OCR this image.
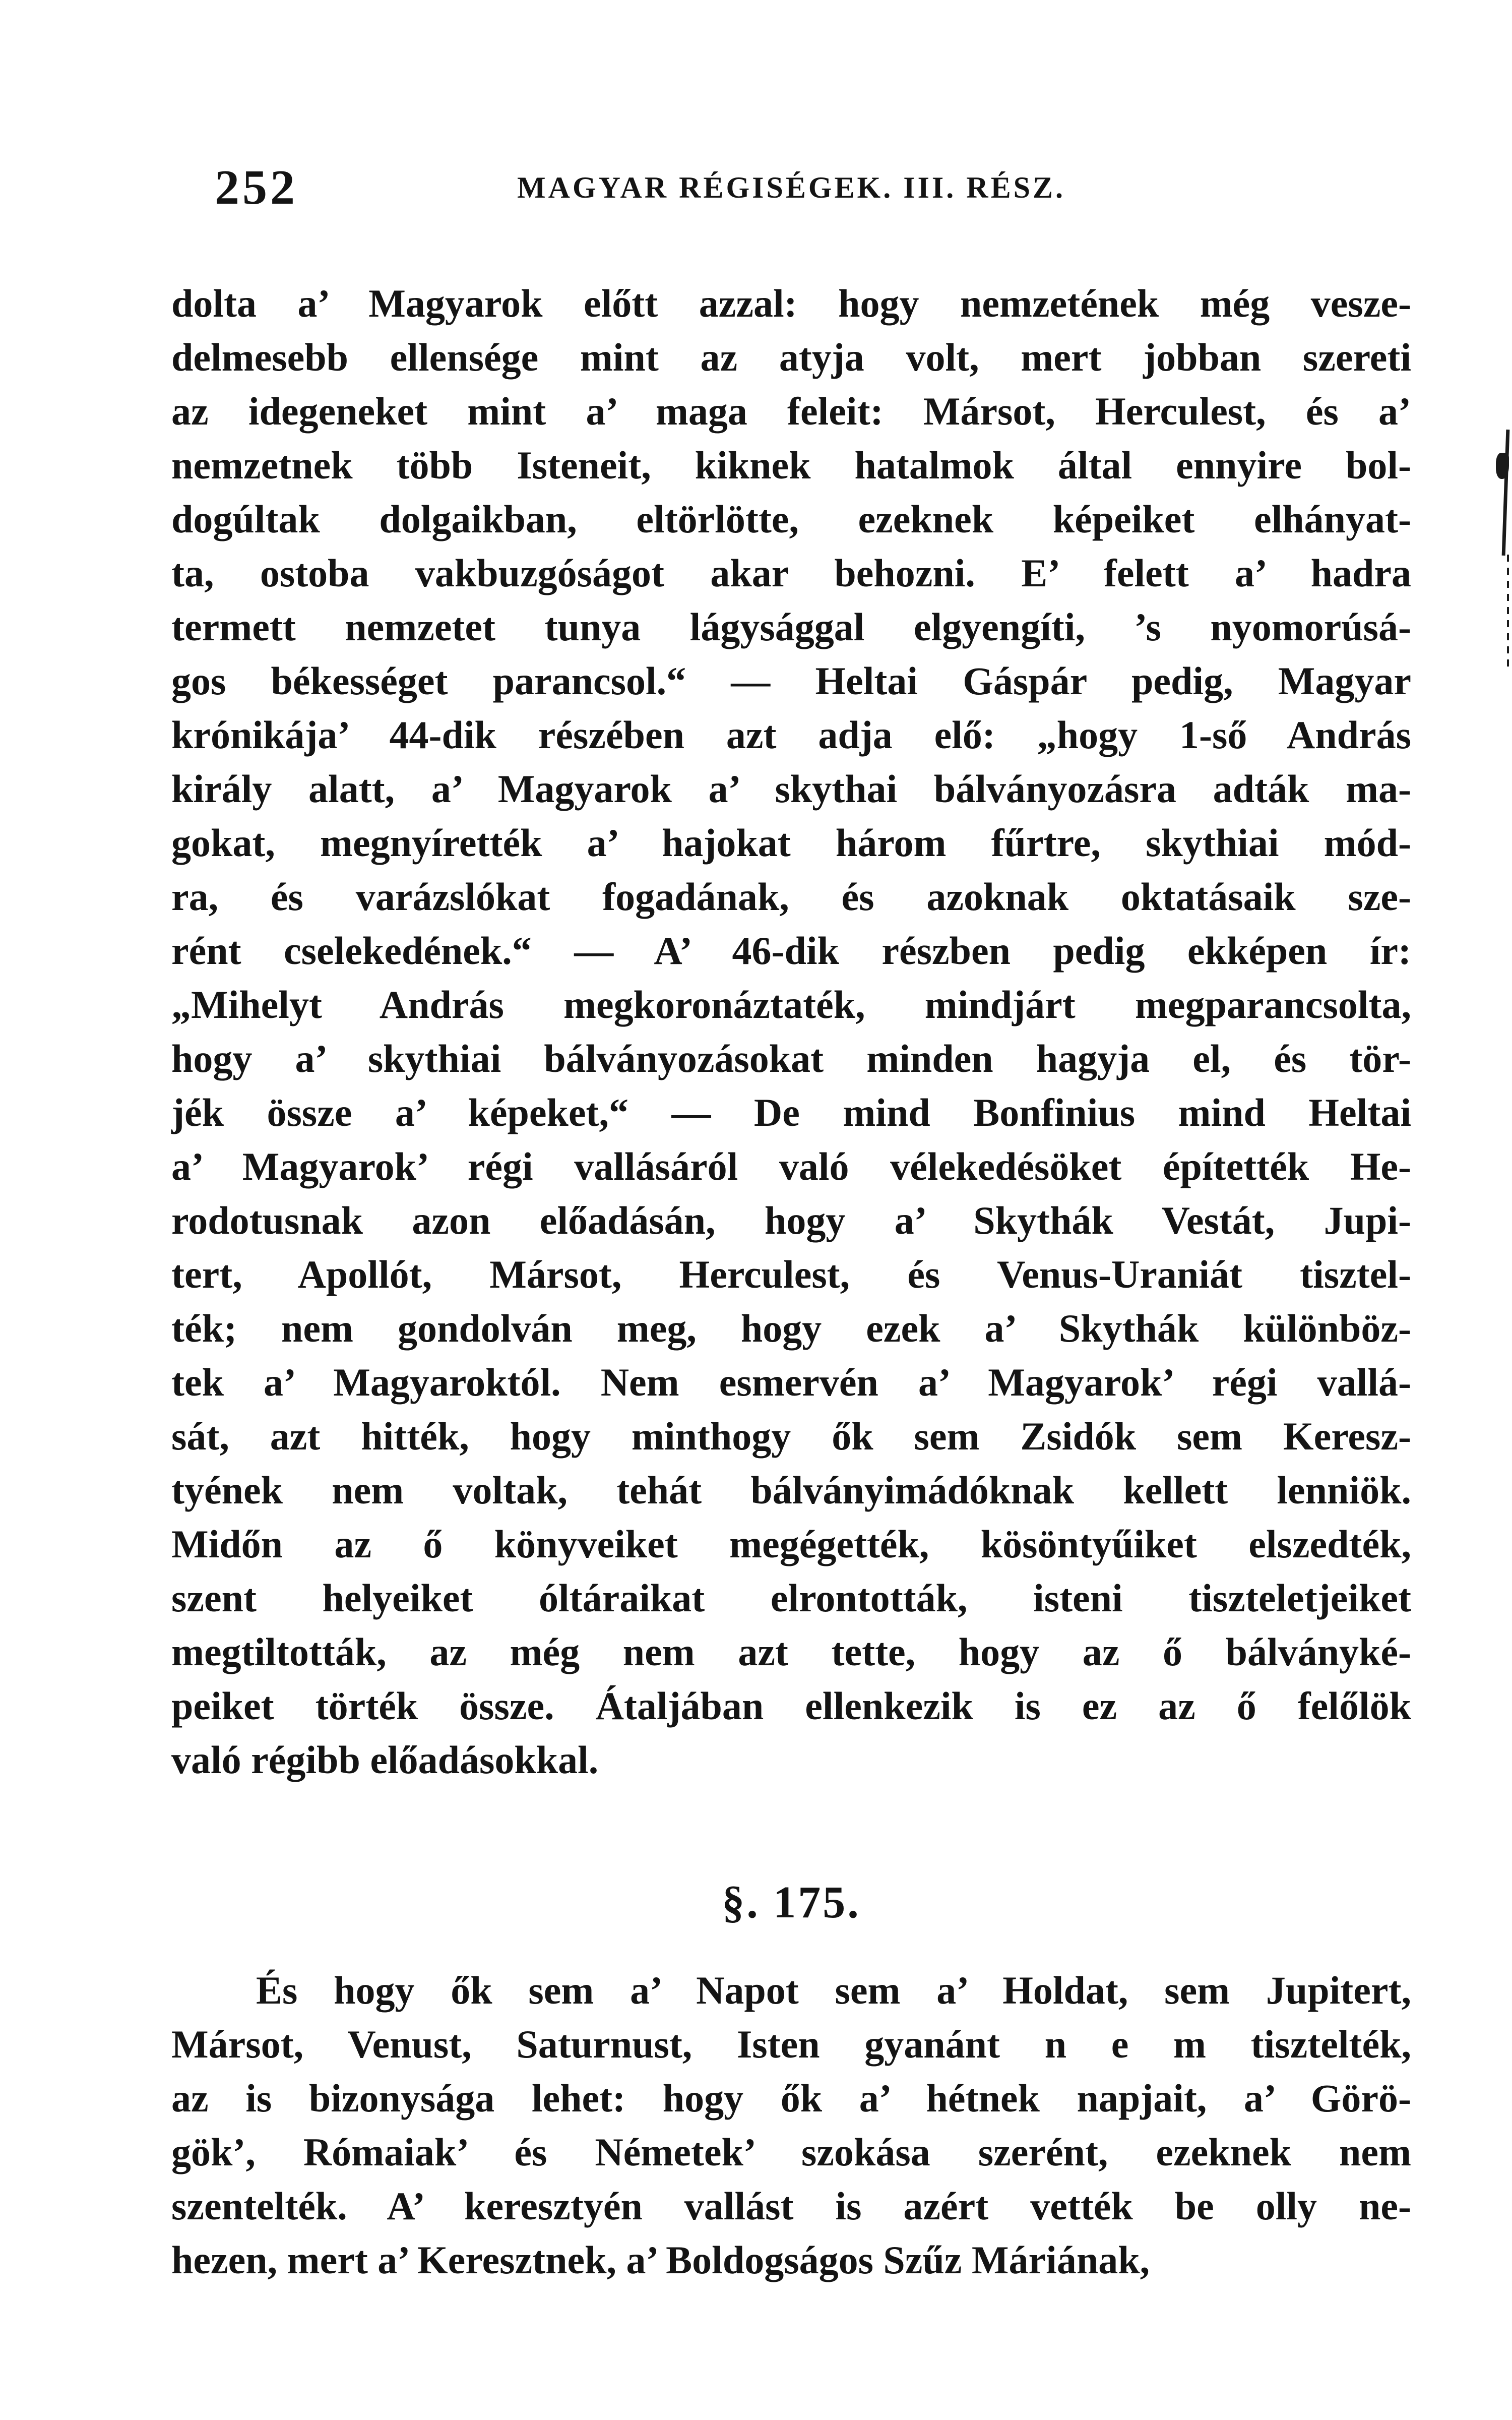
252	MAGYAR RÉGISÉGEK. III. RÉSZ.
dolta a’ Magyarok előtt azzal: hogy nemzetének még vesze-
delmesebb ellensége mint az atyja volt, mert jobban szereti
az idegeneket mint a’ maga feleit: Mársot, Herculest, és a’
nemzetnek több Isteneit, kiknek hatalmok által ennyire bol-
dogúltak dolgaikban, eltörlötte, ezeknek képeiket elhányat-
ta, ostoba vakbuzgóságot akar behozni. E’ felett a’ hadra
termett nemzetet tunya lágysággal elgyengíti, ’s nyomorúsá-
gos békességet parancsol.“ — Heltai Gáspár pedig, Magyar
krónikája’ 44-dik részében azt adja elő: „hogy 1-ső András
király alatt, a’ Magyarok a’ skythai bálványozásra adták ma-
gokat, megnyírették a’ hajokat három fűrtre, skythiai mód-
ra, és varázslókat fogadának, és azoknak oktatásaik sze-
rént cselekedének.“ — A’ 46-dik részben pedig ekképen ír:
„Mihelyt András megkoronáztaték, mindjárt megparancsolta,
hogy a’ skythiai bálványozásokat minden hagyja el, és tör-
jék össze a’ képeket,“ — De mind Bonfinius mind Heltai
a’ Magyarok’ régi vallásáról való vélekedésöket építették He-
rodotusnak azon előadásán, hogy a’ Skythák Vestát, Jupi-
tert, Apollót, Mársot, Herculest, és Venus-Uraniát tisztel-
ték; nem gondolván meg, hogy ezek a’ Skythák különböz-
tek a’ Magyaroktól. Nem esmervén a’ Magyarok’ régi vallá-
sát, azt hitték, hogy minthogy ők sem Zsidók sem Keresz-
tyének nem voltak, tehát bálványimádóknak kellett lenniök.
Midőn az ő könyveiket megégették, kösöntyűiket elszedték,
szent helyeiket óltáraikat elrontották, isteni tiszteletjeiket
megtiltották, az még nem azt tette, hogy az ő bálványké-
peiket törték össze. Átaljában ellenkezik is ez az ő felőlök
való régibb előadásokkal.
§. 175.
És hogy ők sem a’ Napot sem a’ Holdat, sem Jupitert,
Mársot, Venust, Saturnust, Isten gyanánt n e m tisztelték,
az is bizonysága lehet: hogy ők a’ hétnek napjait, a’ Görö-
gök’, Rómaiak’ és Németek’ szokása szerént, ezeknek nem
szentelték. A’ keresztyén vallást is azért vették be olly ne-
hezen, mert a’ Keresztnek, a’ Boldogságos Szűz Máriának,
